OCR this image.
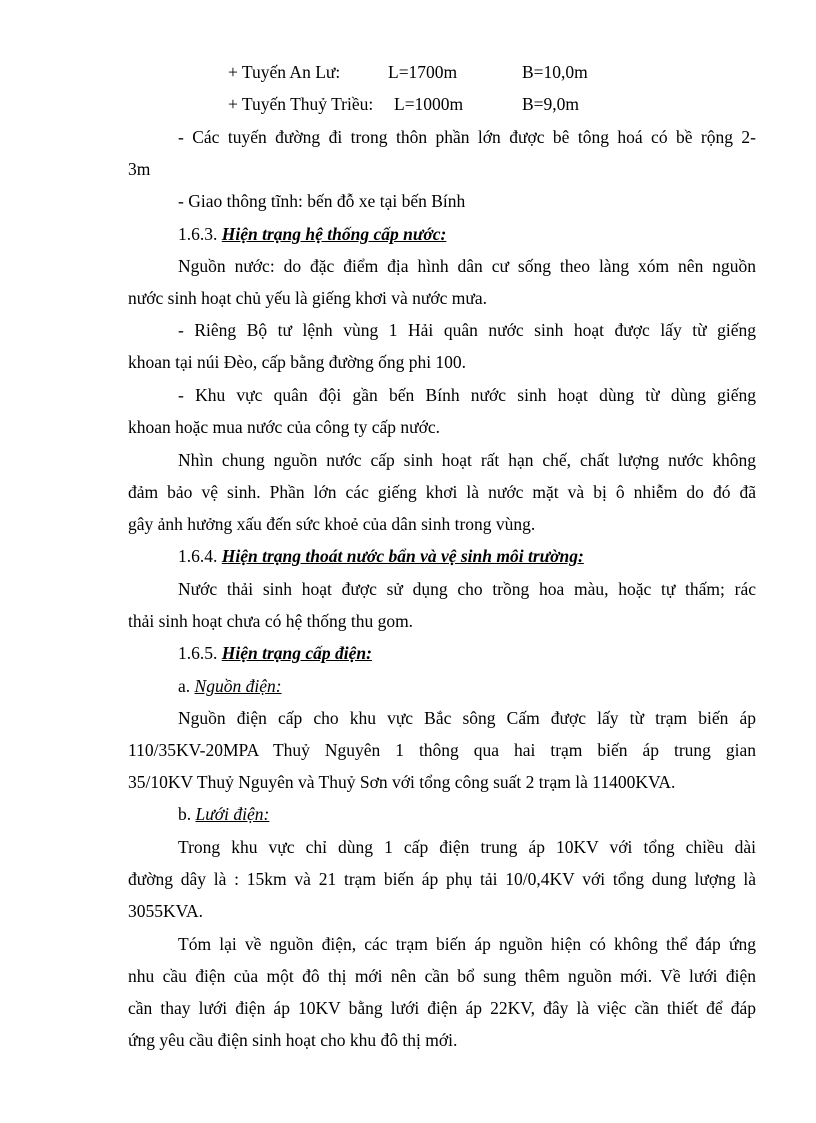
+ Tuyến An Lư:	L=1700m	B=10,0m
+ Tuyến Thuỷ Triều: L=1000m	B=9,0m
- Các tuyến đường đi trong thôn phần lớn được bê tông hoá có bề rộng 2-
3m
- Giao thông tĩnh: bến đỗ xe tại bến Bính
1.6.3. Hiện trạng hệ thống cấp nước:
Nguồn nước: do đặc điểm địa hình dân cư sống theo làng xóm nên nguồn
nước sinh hoạt chủ yếu là giếng khơi và nước mưa.
- Riêng Bộ tư lệnh vùng 1 Hải quân nước sinh hoạt được lấy từ giếng
khoan tại núi Đèo, cấp bằng đường ống phi 100.
- Khu vực quân đội gần bến Bính nước sinh hoạt dùng từ dùng giếng
khoan hoặc mua nước của công ty cấp nước.
Nhìn chung nguồn nước cấp sinh hoạt rất hạn chế, chất lượng nước không
đảm bảo vệ sinh. Phần lớn các giếng khơi là nước mặt và bị ô nhiễm do đó đã
gây ảnh hưởng xấu đến sức khoẻ của dân sinh trong vùng.
1.6.4. Hiện trạng thoát nước bẩn và vệ sinh môi trường:
Nước thải sinh hoạt được sử dụng cho trồng hoa màu, hoặc tự thấm; rác
thải sinh hoạt chưa có hệ thống thu gom.
1.6.5. Hiện trạng cấp điện:
a. Nguồn điện:
Nguồn điện cấp cho khu vực Bắc sông Cấm được lấy từ trạm biến áp
110/35KV-20MPA Thuỷ Nguyên 1 thông qua hai trạm biến áp trung gian
35/10KV Thuỷ Nguyên và Thuỷ Sơn với tổng công suất 2 trạm là 11400KVA.
b. Lưới điện:
Trong khu vực chỉ dùng 1 cấp điện trung áp 10KV với tổng chiều dài
đường dây là : 15km và 21 trạm biến áp phụ tải 10/0,4KV với tổng dung lượng là
3055KVA.
Tóm lại về nguồn điện, các trạm biến áp nguồn hiện có không thể đáp ứng
nhu cầu điện của một đô thị mới nên cần bổ sung thêm nguồn mới. Về lưới điện
cần thay lưới điện áp 10KV bằng lưới điện áp 22KV, đây là việc cần thiết để đáp
ứng yêu cầu điện sinh hoạt cho khu đô thị mới.
